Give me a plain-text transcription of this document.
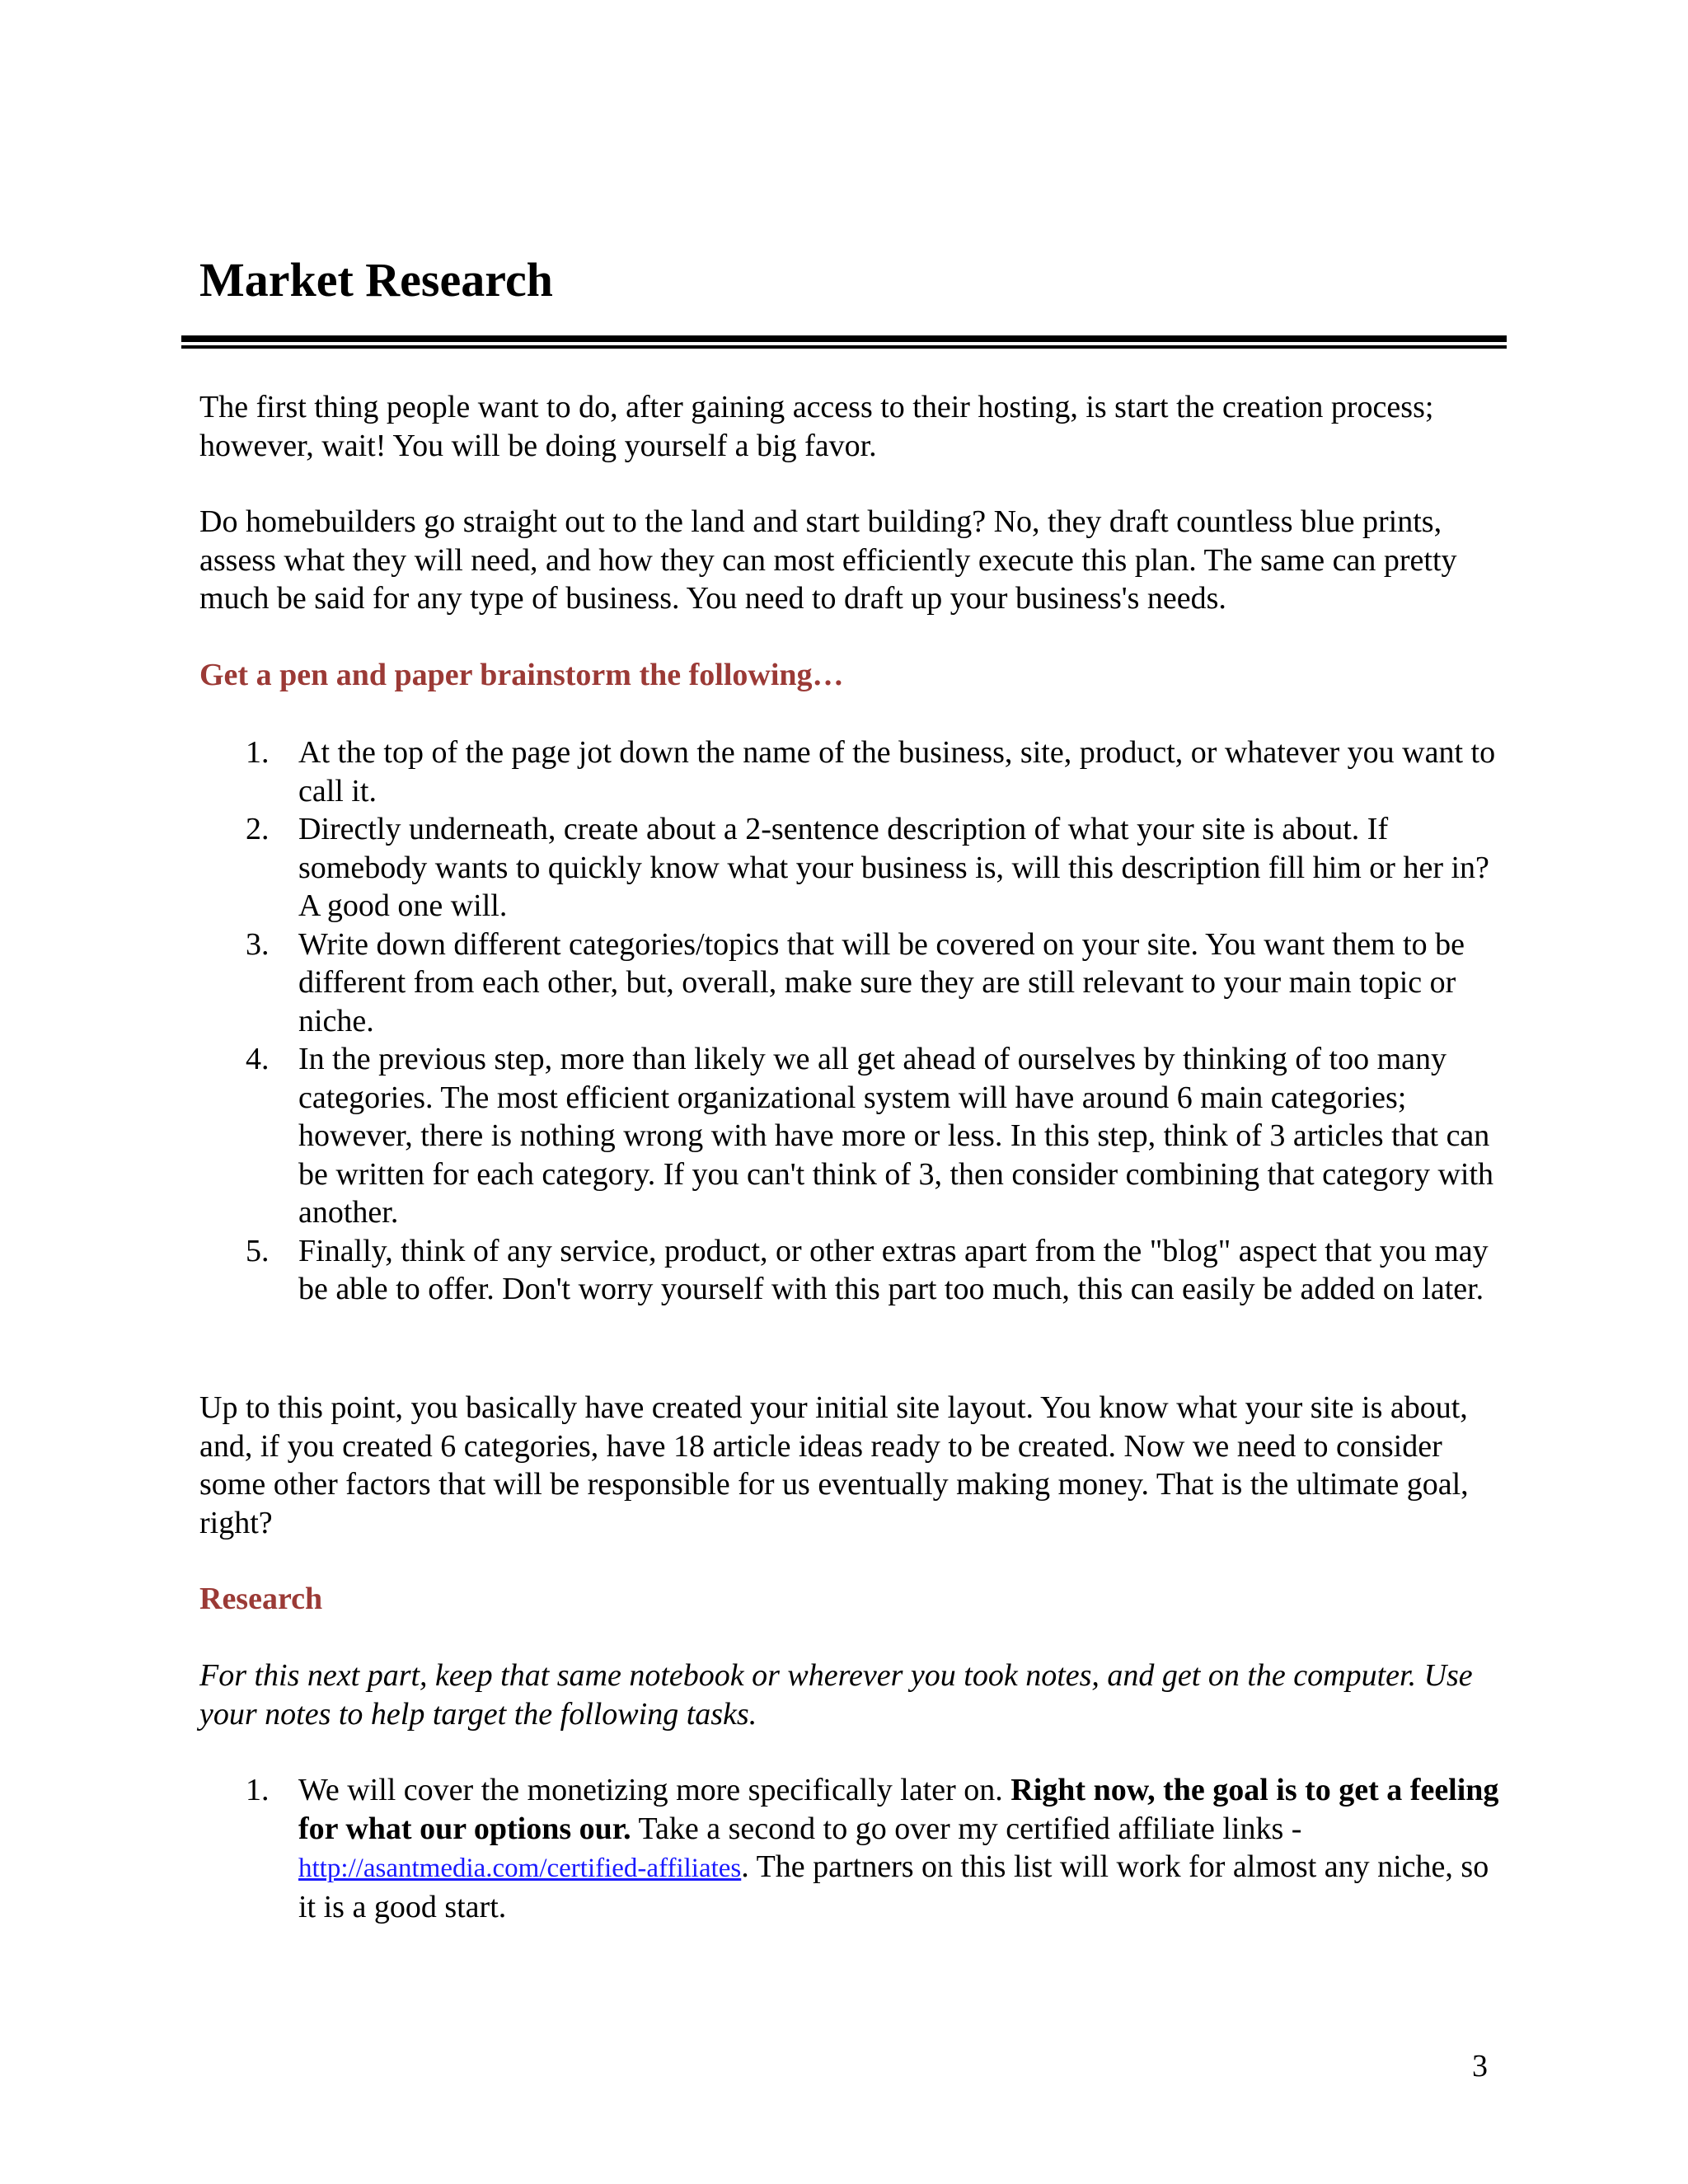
Market Research

The first thing people want to do, after gaining access to their hosting, is start the creation process; however, wait! You will be doing yourself a big favor.

Do homebuilders go straight out to the land and start building? No, they draft countless blue prints, assess what they will need, and how they can most efficiently execute this plan. The same can pretty much be said for any type of business. You need to draft up your business's needs.

Get a pen and paper brainstorm the following…

1. At the top of the page jot down the name of the business, site, product, or whatever you want to call it.
2. Directly underneath, create about a 2-sentence description of what your site is about. If somebody wants to quickly know what your business is, will this description fill him or her in? A good one will.
3. Write down different categories/topics that will be covered on your site. You want them to be different from each other, but, overall, make sure they are still relevant to your main topic or niche.
4. In the previous step, more than likely we all get ahead of ourselves by thinking of too many categories. The most efficient organizational system will have around 6 main categories; however, there is nothing wrong with have more or less. In this step, think of 3 articles that can be written for each category. If you can't think of 3, then consider combining that category with another.
5. Finally, think of any service, product, or other extras apart from the "blog" aspect that you may be able to offer. Don't worry yourself with this part too much, this can easily be added on later.

Up to this point, you basically have created your initial site layout. You know what your site is about, and, if you created 6 categories, have 18 article ideas ready to be created. Now we need to consider some other factors that will be responsible for us eventually making money. That is the ultimate goal, right?

Research

For this next part, keep that same notebook or wherever you took notes, and get on the computer. Use your notes to help target the following tasks.

1. We will cover the monetizing more specifically later on. Right now, the goal is to get a feeling for what our options our. Take a second to go over my certified affiliate links - http://asantmedia.com/certified-affiliates. The partners on this list will work for almost any niche, so it is a good start.
3
